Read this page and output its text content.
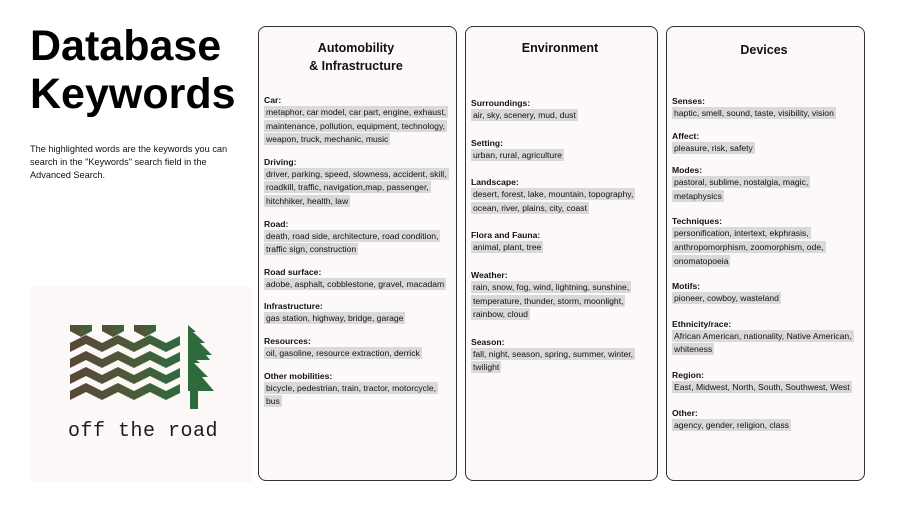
Database
Keywords

The highlighted words are the keywords you can search in the "Keywords" search field in the Advanced Search.

off the road
Automobility
& Infrastructure
Car:
metaphor, car model, car part, engine, exhaust, maintenance, pollution, equipment, technology, weapon, truck, mechanic, music
Driving:
driver, parking, speed, slowness, accident, skill, roadkill, traffic, navigation,map, passenger, hitchhiker, health, law
Road:
death, road side, architecture, road condition, traffic sign, construction
Road surface:
adobe, asphalt, cobblestone, gravel, macadam
Infrastructure:
gas station, highway, bridge, garage
Resources:
oil, gasoline, resource extraction, derrick
Other mobilities:
bicycle, pedestrian, train, tractor, motorcycle, bus
Environment
Surroundings:
air, sky, scenery, mud, dust
Setting:
urban, rural, agriculture
Landscape:
desert, forest, lake, mountain, topography, ocean, river, plains, city, coast
Flora and Fauna:
animal, plant, tree
Weather:
rain, snow, fog, wind, lightning, sunshine, temperature, thunder, storm, moonlight, rainbow, cloud
Season:
fall, night, season, spring, summer, winter, twilight
Devices
Senses:
haptic, smell, sound, taste, visibility, vision
Affect:
pleasure, risk, safety
Modes:
pastoral, sublime, nostalgia, magic, metaphysics
Techniques:
personification, intertext, ekphrasis, anthropomorphism, zoomorphism, ode, onomatopoeia
Motifs:
pioneer, cowboy, wasteland
Ethnicity/race:
African American, nationality, Native American, whiteness
Region:
East, Midwest, North, South, Southwest, West
Other:
agency, gender, religion, class
